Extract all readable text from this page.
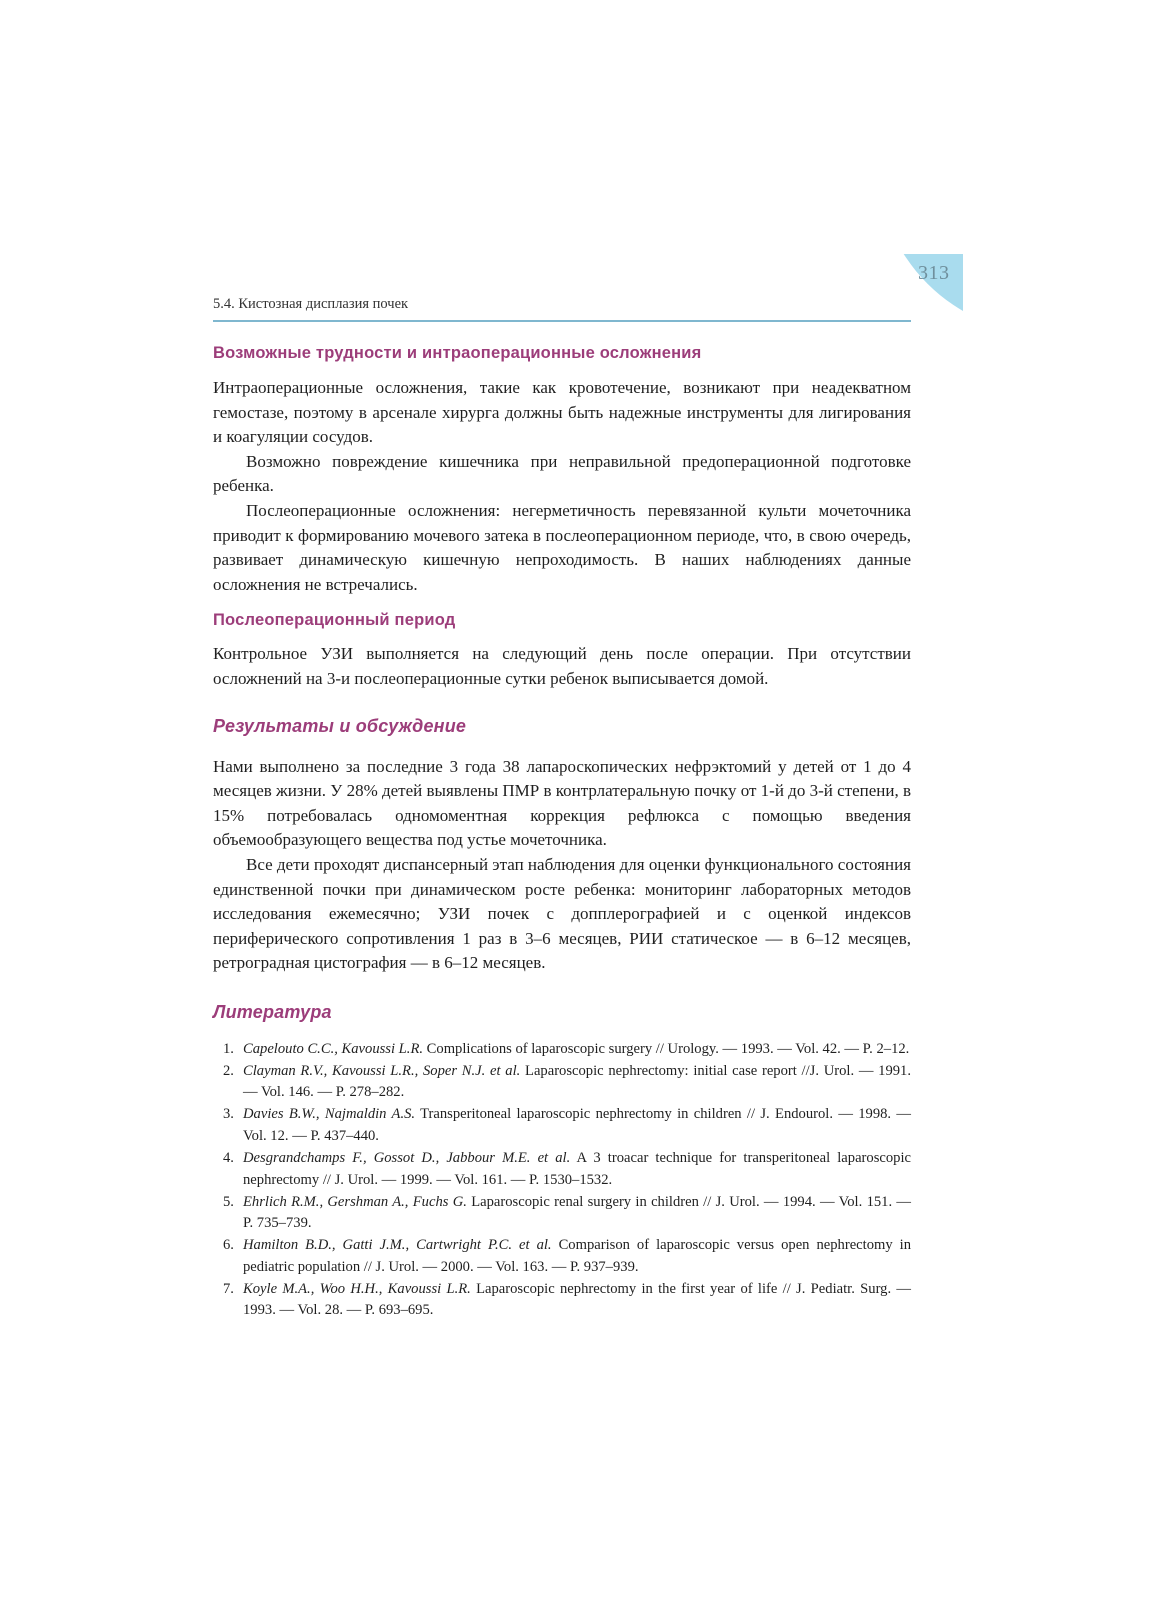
313
5.4. Кистозная дисплазия почек
Возможные трудности и интраоперационные осложнения

Интраоперационные осложнения, такие как кровотечение, возникают при неадекватном гемостазе, поэтому в арсенале хирурга должны быть надежные инструменты для лигирования и коагуляции сосудов.

Возможно повреждение кишечника при неправильной предоперационной подготовке ребенка.

Послеоперационные осложнения: негерметичность перевязанной культи мочеточника приводит к формированию мочевого затека в послеоперационном периоде, что, в свою очередь, развивает динамическую кишечную непроходимость. В наших наблюдениях данные осложнения не встречались.

Послеоперационный период

Контрольное УЗИ выполняется на следующий день после операции. При отсутствии осложнений на 3-и послеоперационные сутки ребенок выписывается домой.

Результаты и обсуждение

Нами выполнено за последние 3 года 38 лапароскопических нефрэктомий у детей от 1 до 4 месяцев жизни. У 28% детей выявлены ПМР в контрлатеральную почку от 1-й до 3-й степени, в 15% потребовалась одномоментная коррекция рефлюкса с помощью введения объемообразующего вещества под устье мочеточника.

Все дети проходят диспансерный этап наблюдения для оценки функционального состояния единственной почки при динамическом росте ребенка: мониторинг лабораторных методов исследования ежемесячно; УЗИ почек с допплерографией и с оценкой индексов периферического сопротивления 1 раз в 3–6 месяцев, РИИ статическое — в 6–12 месяцев, ретроградная цистография — в 6–12 месяцев.

Литература
1. Capelouto C.C., Kavoussi L.R. Complications of laparoscopic surgery // Urology. — 1993. — Vol. 42. — P. 2–12.
2. Clayman R.V., Kavoussi L.R., Soper N.J. et al. Laparoscopic nephrectomy: initial case report //J. Urol. — 1991. — Vol. 146. — P. 278–282.
3. Davies B.W., Najmaldin A.S. Transperitoneal laparoscopic nephrectomy in children // J. Endourol. — 1998. — Vol. 12. — P. 437–440.
4. Desgrandchamps F., Gossot D., Jabbour M.E. et al. A 3 troacar technique for transperitoneal laparoscopic nephrectomy // J. Urol. — 1999. — Vol. 161. — P. 1530–1532.
5. Ehrlich R.M., Gershman A., Fuchs G. Laparoscopic renal surgery in children // J. Urol. — 1994. — Vol. 151. — P. 735–739.
6. Hamilton B.D., Gatti J.M., Cartwright P.C. et al. Comparison of laparoscopic versus open nephrectomy in pediatric population // J. Urol. — 2000. — Vol. 163. — P. 937–939.
7. Koyle M.A., Woo H.H., Kavoussi L.R. Laparoscopic nephrectomy in the first year of life // J. Pediatr. Surg. — 1993. — Vol. 28. — P. 693–695.
